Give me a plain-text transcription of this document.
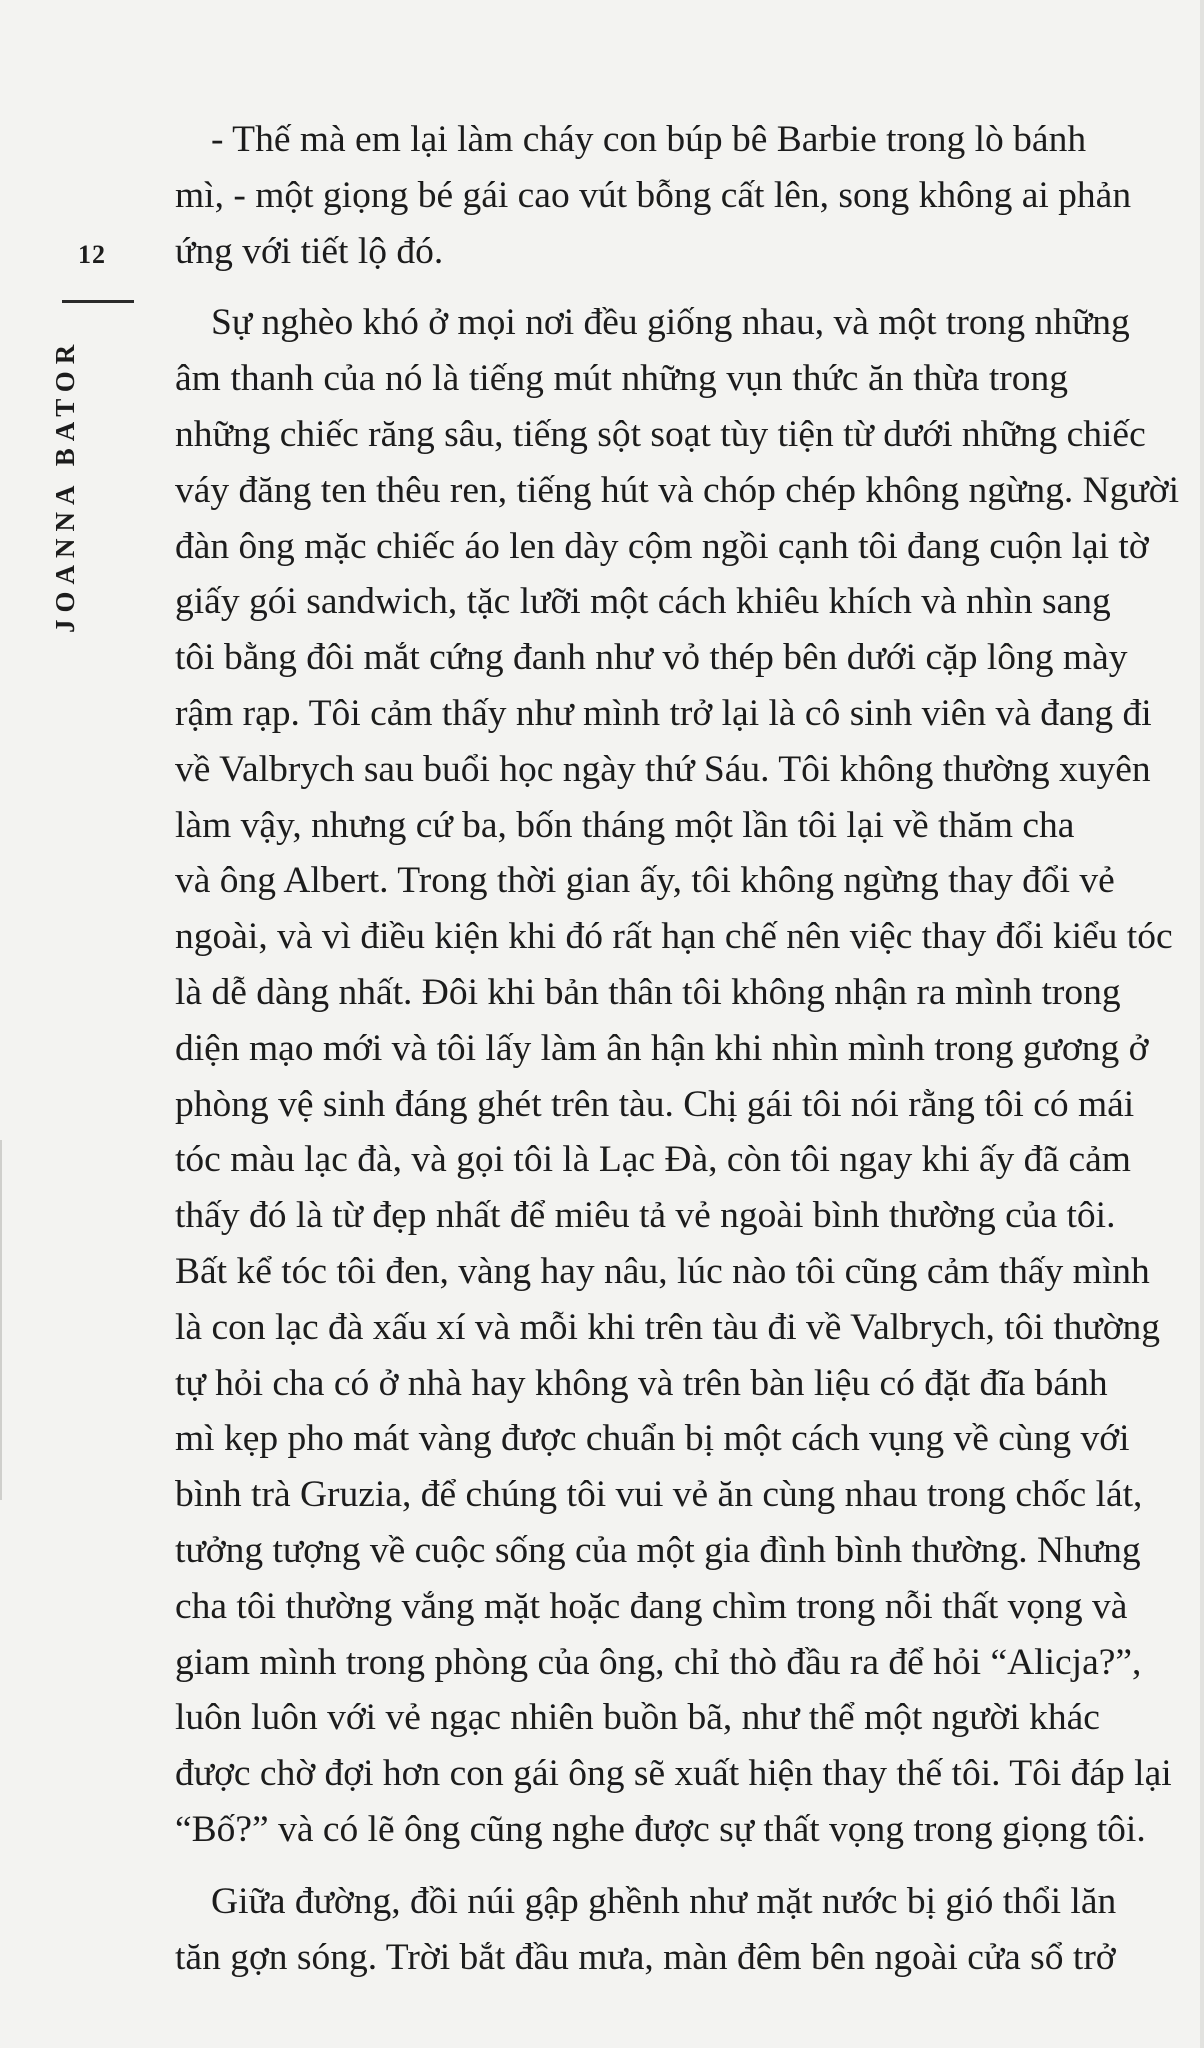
12
JOANNA BATOR

- Thế mà em lại làm cháy con búp bê Barbie trong lò bánh
mì, - một giọng bé gái cao vút bỗng cất lên, song không ai phản
ứng với tiết lộ đó.

Sự nghèo khó ở mọi nơi đều giống nhau, và một trong những
âm thanh của nó là tiếng mút những vụn thức ăn thừa trong
những chiếc răng sâu, tiếng sột soạt tùy tiện từ dưới những chiếc
váy đăng ten thêu ren, tiếng hút và chóp chép không ngừng. Người
đàn ông mặc chiếc áo len dày cộm ngồi cạnh tôi đang cuộn lại tờ
giấy gói sandwich, tặc lưỡi một cách khiêu khích và nhìn sang
tôi bằng đôi mắt cứng đanh như vỏ thép bên dưới cặp lông mày
rậm rạp. Tôi cảm thấy như mình trở lại là cô sinh viên và đang đi
về Valbrych sau buổi học ngày thứ Sáu. Tôi không thường xuyên
làm vậy, nhưng cứ ba, bốn tháng một lần tôi lại về thăm cha
và ông Albert. Trong thời gian ấy, tôi không ngừng thay đổi vẻ
ngoài, và vì điều kiện khi đó rất hạn chế nên việc thay đổi kiểu tóc
là dễ dàng nhất. Đôi khi bản thân tôi không nhận ra mình trong
diện mạo mới và tôi lấy làm ân hận khi nhìn mình trong gương ở
phòng vệ sinh đáng ghét trên tàu. Chị gái tôi nói rằng tôi có mái
tóc màu lạc đà, và gọi tôi là Lạc Đà, còn tôi ngay khi ấy đã cảm
thấy đó là từ đẹp nhất để miêu tả vẻ ngoài bình thường của tôi.
Bất kể tóc tôi đen, vàng hay nâu, lúc nào tôi cũng cảm thấy mình
là con lạc đà xấu xí và mỗi khi trên tàu đi về Valbrych, tôi thường
tự hỏi cha có ở nhà hay không và trên bàn liệu có đặt đĩa bánh
mì kẹp pho mát vàng được chuẩn bị một cách vụng về cùng với
bình trà Gruzia, để chúng tôi vui vẻ ăn cùng nhau trong chốc lát,
tưởng tượng về cuộc sống của một gia đình bình thường. Nhưng
cha tôi thường vắng mặt hoặc đang chìm trong nỗi thất vọng và
giam mình trong phòng của ông, chỉ thò đầu ra để hỏi “Alicja?”,
luôn luôn với vẻ ngạc nhiên buồn bã, như thể một người khác
được chờ đợi hơn con gái ông sẽ xuất hiện thay thế tôi. Tôi đáp lại
“Bố?” và có lẽ ông cũng nghe được sự thất vọng trong giọng tôi.

Giữa đường, đồi núi gập ghềnh như mặt nước bị gió thổi lăn
tăn gợn sóng. Trời bắt đầu mưa, màn đêm bên ngoài cửa sổ trở
